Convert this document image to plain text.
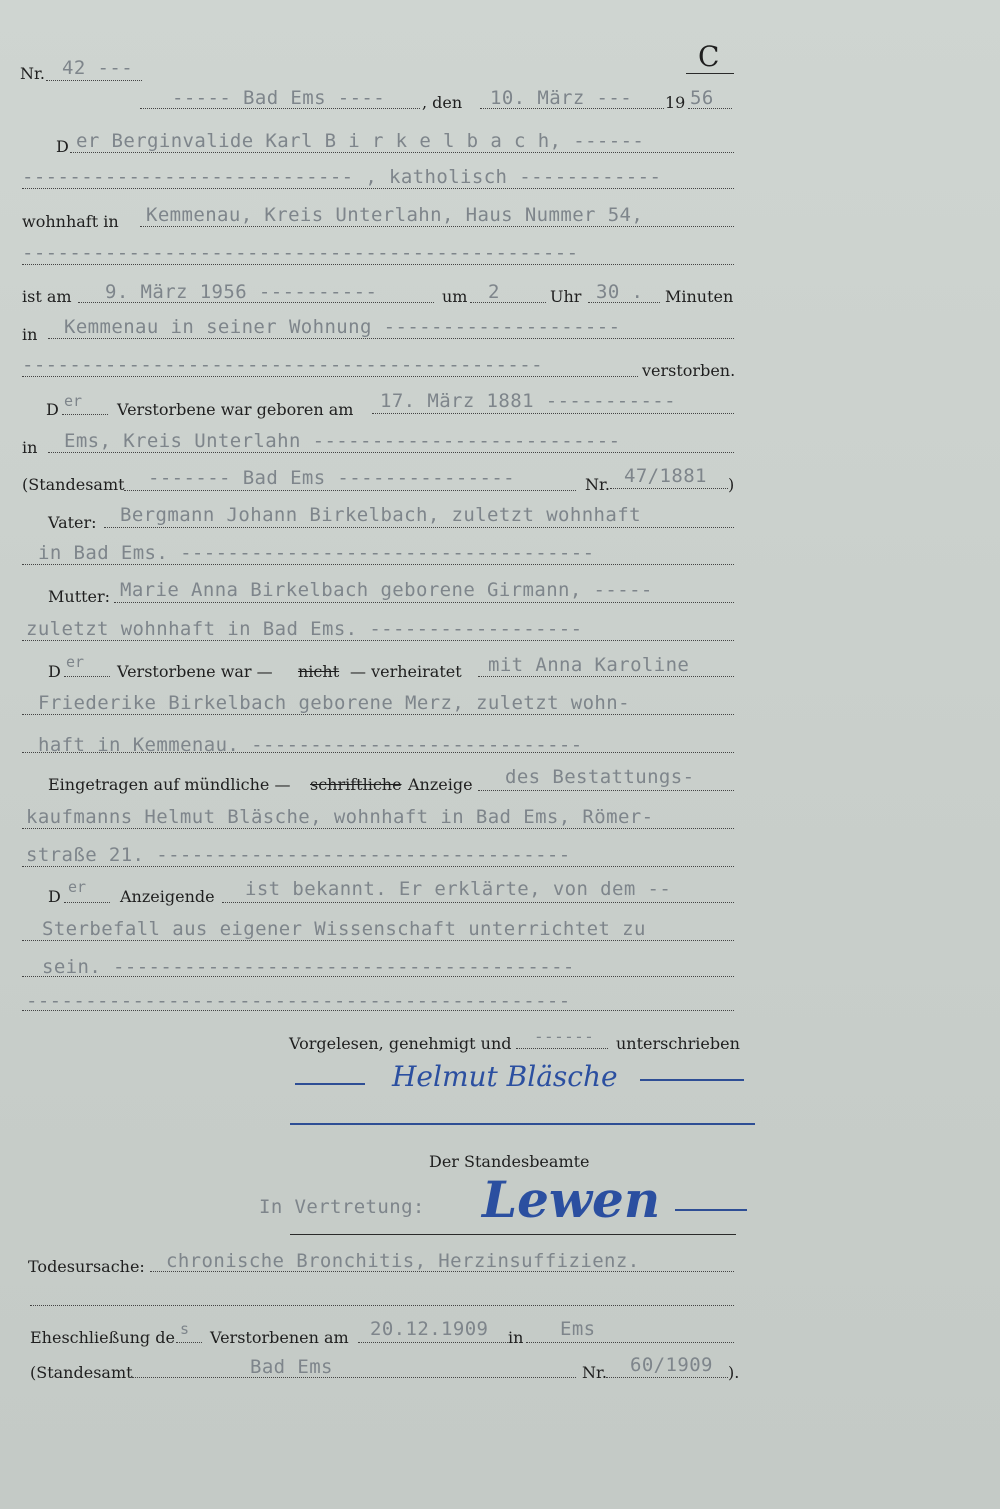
Nr. 42 ---	C
----- Bad Ems ---- , den 10. März --- 19 56
D er Berginvalide Karl B i r k e l b a c h, ------
---------------------------- , katholisch ------------
wohnhaft in Kemmenau, Kreis Unterlahn, Haus Nummer 54,
-----------------------------------------------
ist am 9. März 1956 ----------	um 2	Uhr 30 . Minuten
in Kemmenau in seiner Wohnung --------------------
--------------------------------------------	verstorben.
D er Verstorbene war geboren am 17. März 1881 -----------
in Ems, Kreis Unterlahn --------------------------
(Standesamt ------- Bad Ems ---------------	Nr. 47/1881 )
Vater: Bergmann Johann Birkelbach, zuletzt wohnhaft
in Bad Ems. -----------------------------------
Mutter: Marie Anna Birkelbach geborene Girmann, -----
zuletzt wohnhaft in Bad Ems. ------------------
D er Verstorbene war — nicht — verheiratet mit Anna Karoline
Friederike Birkelbach geborene Merz, zuletzt wohn-
haft in Kemmenau. ----------------------------
Eingetragen auf mündliche — schriftliche Anzeige des Bestattungs-
kaufmanns Helmut Bläsche, wohnhaft in Bad Ems, Römer-
straße 21. -----------------------------------
D er Anzeigende ist bekannt. Er erklärte, von dem --
Sterbefall aus eigener Wissenschaft unterrichtet zu
sein. ---------------------------------------
----------------------------------------------
Vorgelesen, genehmigt und ------ unterschrieben
Helmut Bläsche
Der Standesbeamte
In Vertretung: Lewen
Todesursache: chronische Bronchitis, Herzinsuffizienz.
Eheschließung de s Verstorbenen am 20.12.1909 in Ems
(Standesamt	Bad Ems	Nr. 60/1909 ).
